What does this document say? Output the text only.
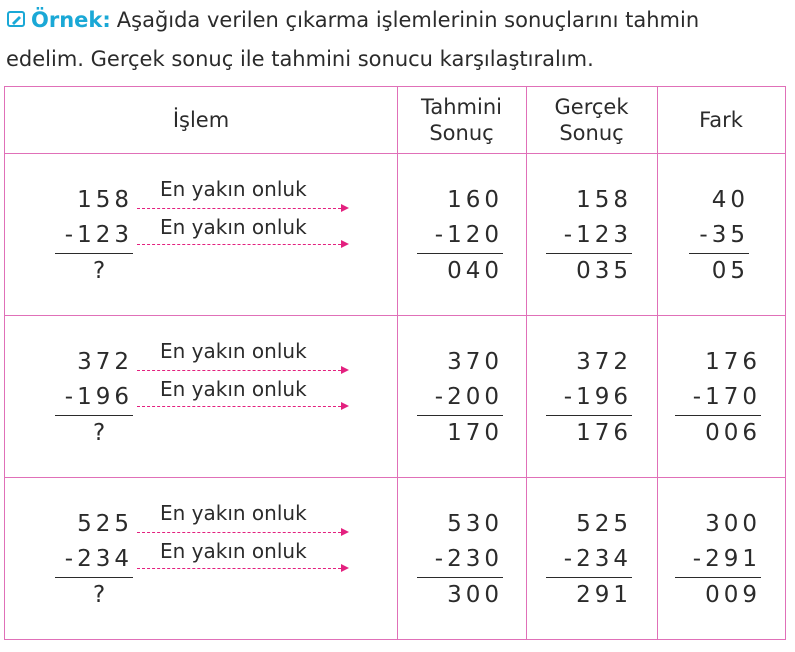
Örnek: Aşağıda verilen çıkarma işlemlerinin sonuçlarını tahmin
edelim. Gerçek sonuç ile tahmini sonucu karşılaştıralım.
İşlem
Tahmini
Sonuç
Gerçek
Sonuç
Fark
158
-123
?
En yakın onluk
En yakın onluk
160
-120
040
158
-123
035
40
-35
05
372
-196
?
En yakın onluk
En yakın onluk
370
-200
170
372
-196
176
176
-170
006
525
-234
?
En yakın onluk
En yakın onluk
530
-230
300
525
-234
291
300
-291
009
